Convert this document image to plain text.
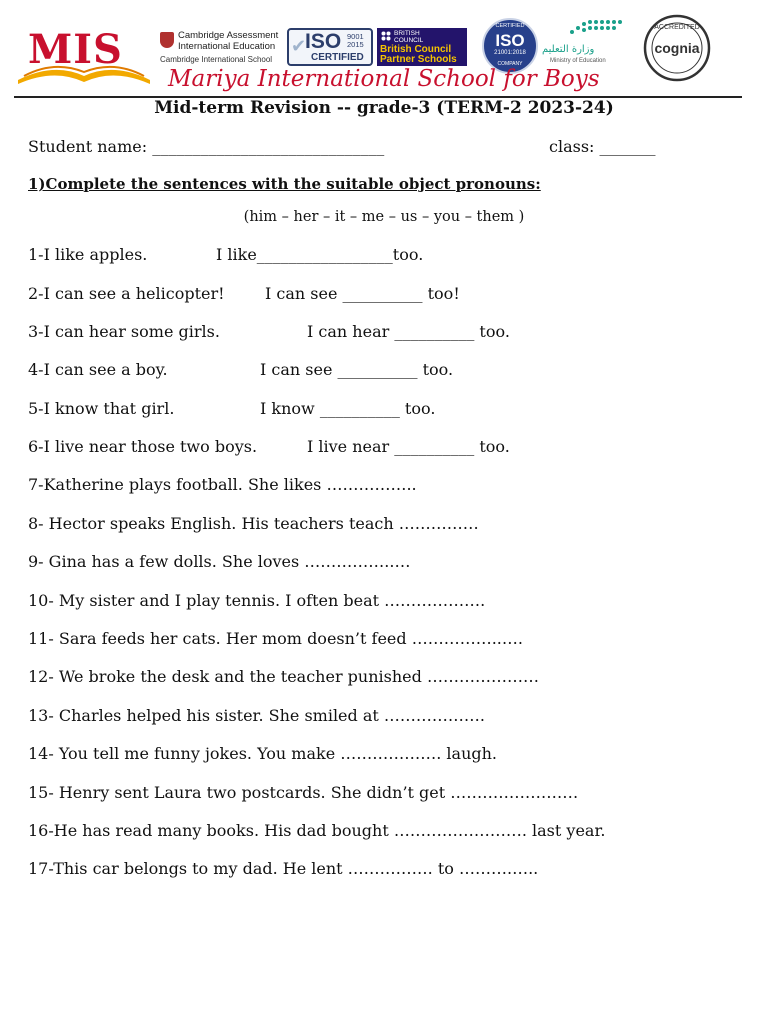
MIS	Cambridge Assessment
International Education
Cambridge International School
✔
ISO 9001
2015
CERTIFIED
BRITISH
COUNCIL
British Council
Partner Schools
CERTIFIED
ISO
21001:2018
COMPANY
وزارة التعليم
Ministry of Education
ACCREDITED
cognia
Mariya International School for Boys
Mid-term Revision -- grade-3 (TERM-2 2023-24)
Student name: _____________________________	class: _______
1)Complete the sentences with the suitable object pronouns:
(him – her – it – me – us – you – them )
1-I like apples.	I like_________________too.
2-I can see a helicopter!	I can see __________ too!
3-I can hear some girls.	I can hear __________ too.
4-I can see a boy.	I can see __________ too.
5-I know that girl.	I know __________ too.
6-I live near those two boys.	I live near __________ too.
7-Katherine plays football. She likes ……………..
8- Hector speaks English. His teachers teach ……………
9- Gina has a few dolls. She loves ……………..…
10- My sister and I play tennis. I often beat ……………….
11- Sara feeds her cats. Her mom doesn’t feed ……………..….
12- We broke the desk and the teacher punished …………………
13- Charles helped his sister. She smiled at ……………….
14- You tell me funny jokes. You make ………………. laugh.
15- Henry sent Laura two postcards. She didn’t get ……………………
16-He has read many books. His dad bought ……………………. last year.
17-This car belongs to my dad. He lent ……………. to ……….…..
